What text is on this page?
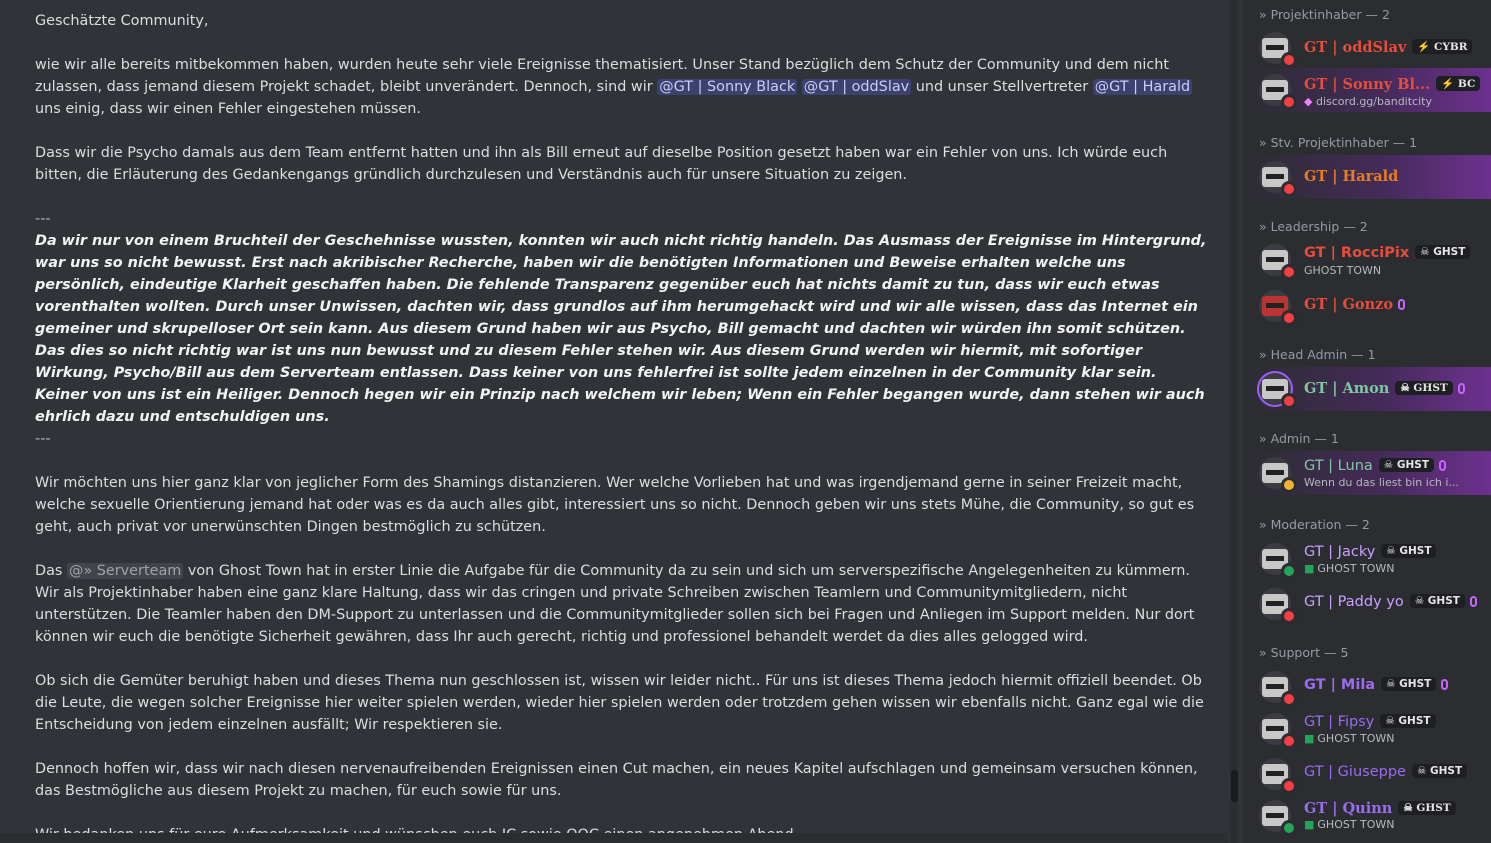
Geschätzte Community,

wie wir alle bereits mitbekommen haben, wurden heute sehr viele Ereignisse thematisiert. Unser Stand bezüglich dem Schutz der Community und dem nicht zulassen, dass jemand diesem Projekt schadet, bleibt unverändert. Dennoch, sind wir @GT | Sonny Black @GT | oddSlav und unser Stellvertreter @GT | Harald uns einig, dass wir einen Fehler eingestehen müssen.

Dass wir die Psycho damals aus dem Team entfernt hatten und ihn als Bill erneut auf dieselbe Position gesetzt haben war ein Fehler von uns. Ich würde euch bitten, die Erläuterung des Gedankengangs gründlich durchzulesen und Verständnis auch für unsere Situation zu zeigen.

---

Da wir nur von einem Bruchteil der Geschehnisse wussten, konnten wir auch nicht richtig handeln. Das Ausmass der Ereignisse im Hintergrund, war uns so nicht bewusst. Erst nach akribischer Recherche, haben wir die benötigten Informationen und Beweise erhalten welche uns persönlich, eindeutige Klarheit geschaffen haben. Die fehlende Transparenz gegenüber euch hat nichts damit zu tun, dass wir euch etwas vorenthalten wollten. Durch unser Unwissen, dachten wir, dass grundlos auf ihm herumgehackt wird und wir alle wissen, dass das Internet ein gemeiner und skrupelloser Ort sein kann. Aus diesem Grund haben wir aus Psycho, Bill gemacht und dachten wir würden ihn somit schützen. Das dies so nicht richtig war ist uns nun bewusst und zu diesem Fehler stehen wir. Aus diesem Grund werden wir hiermit, mit sofortiger Wirkung, Psycho/Bill aus dem Serverteam entlassen. Dass keiner von uns fehlerfrei ist sollte jedem einzelnen in der Community klar sein. Keiner von uns ist ein Heiliger. Dennoch hegen wir ein Prinzip nach welchem wir leben; Wenn ein Fehler begangen wurde, dann stehen wir auch ehrlich dazu und entschuldigen uns.

---

Wir möchten uns hier ganz klar von jeglicher Form des Shamings distanzieren. Wer welche Vorlieben hat und was irgendjemand gerne in seiner Freizeit macht, welche sexuelle Orientierung jemand hat oder was es da auch alles gibt, interessiert uns so nicht. Dennoch geben wir uns stets Mühe, die Community, so gut es geht, auch privat vor unerwünschten Dingen bestmöglich zu schützen.

Das @» Serverteam von Ghost Town hat in erster Linie die Aufgabe für die Community da zu sein und sich um serverspezifische Angelegenheiten zu kümmern. Wir als Projektinhaber haben eine ganz klare Haltung, dass wir das cringen und private Schreiben zwischen Teamlern und Communitymitgliedern, nicht unterstützen. Die Teamler haben den DM-Support zu unterlassen und die Communitymitglieder sollen sich bei Fragen und Anliegen im Support melden. Nur dort können wir euch die benötigte Sicherheit gewähren, dass Ihr auch gerecht, richtig und professionel behandelt werdet da dies alles gelogged wird.

Ob sich die Gemüter beruhigt haben und dieses Thema nun geschlossen ist, wissen wir leider nicht.. Für uns ist dieses Thema jedoch hiermit offiziell beendet. Ob die Leute, die wegen solcher Ereignisse hier weiter spielen werden, wieder hier spielen werden oder trotzdem gehen wissen wir ebenfalls nicht. Ganz egal wie die Entscheidung von jedem einzelnen ausfällt; Wir respektieren sie.

Dennoch hoffen wir, dass wir nach diesen nervenaufreibenden Ereignissen einen Cut machen, ein neues Kapitel aufschlagen und gemeinsam versuchen können, das Bestmögliche aus diesem Projekt zu machen, für euch sowie für uns.

» Projektinhaber — 2
GT | oddSlav ⚡ CYBR
GT | Sonny Bl... ⚡ BC
◆ discord.gg/banditcity
» Stv. Projektinhaber — 1
GT | Harald
» Leadership — 2
GT | RocciPix ☠ GHST
GHOST TOWN
GT | Gonzo
» Head Admin — 1
GT | Amon ☠ GHST
» Admin — 1
GT | Luna ☠ GHST
Wenn du das liest bin ich i...
» Moderation — 2
GT | Jacky ☠ GHST
■ GHOST TOWN
GT | Paddy yo ☠ GHST
» Support — 5
GT | Mila ☠ GHST
GT | Fipsy ☠ GHST
■ GHOST TOWN
GT | Giuseppe ☠ GHST
GT | Quinn ☠ GHST
■ GHOST TOWN
